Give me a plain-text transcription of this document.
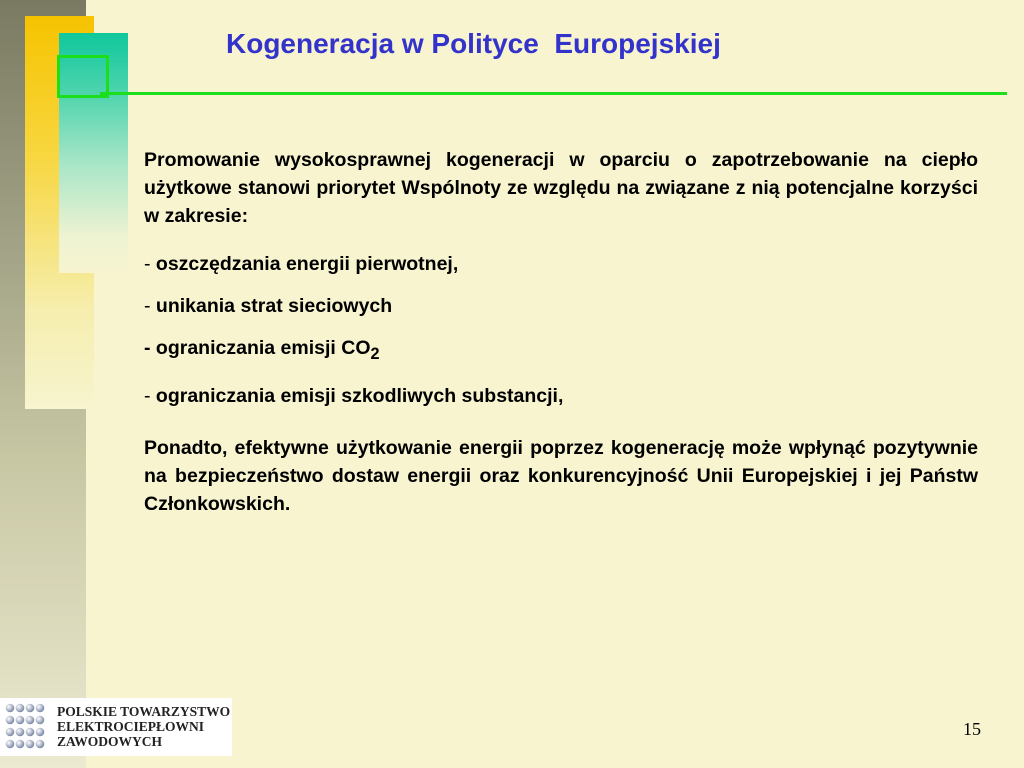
Kogeneracja w Polityce  Europejskiej

Promowanie wysokosprawnej kogeneracji w oparciu o zapotrzebowanie na ciepło użytkowe stanowi priorytet Wspólnoty ze względu na związane z nią potencjalne korzyści w zakresie:

- oszczędzania energii pierwotnej,
- unikania strat sieciowych
- ograniczania emisji $CO_2$
- ograniczania emisji szkodliwych substancji,

Ponadto, efektywne użytkowanie energii poprzez kogenerację może wpłynąć pozytywnie na bezpieczeństwo dostaw energii oraz konkurencyjność Unii Europejskiej i jej Państw Członkowskich.

POLSKIE TOWARZYSTWO
ELEKTROCIEPŁOWNI
ZAWODOWYCH
15
